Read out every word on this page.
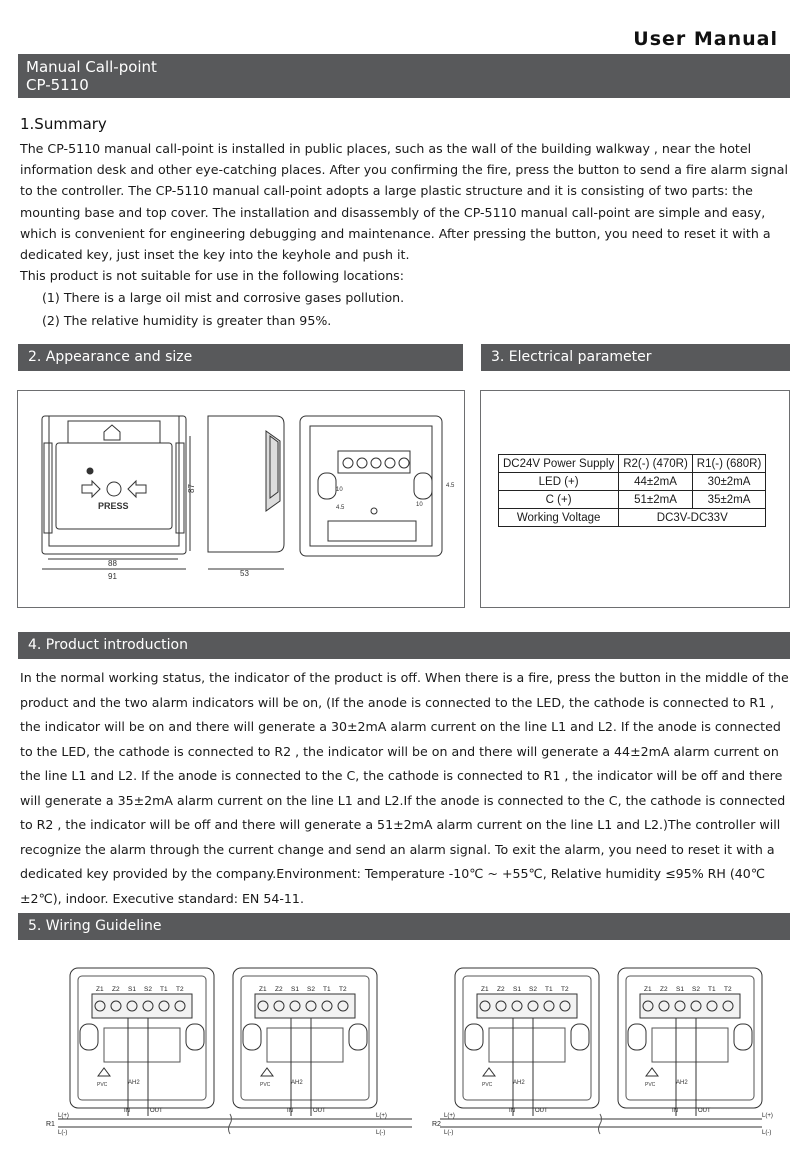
User Manual
Manual Call-point
CP-5110
1.Summary

The CP-5110 manual call-point is installed in public places, such as the wall of the building walkway , near the hotel information desk and other eye-catching places. After you confirming the fire, press the button to send a fire alarm signal to the controller. The CP-5110 manual call-point adopts a large plastic structure and it is consisting of two parts: the mounting base and top cover. The installation and disassembly of the CP-5110 manual call-point are simple and easy, which is convenient for engineering debugging and maintenance. After pressing the button, you need to reset it with a dedicated key, just inset the key into the keyhole and push it.

This product is not suitable for use in the following locations:

(1) There is a large oil mist and corrosive gases pollution.

(2) The relative humidity is greater than 95%.

2. Appearance and size
PRESS
87
88
91	53
10
10
4.5
4.5
3. Electrical parameter
DC24V Power Supply	R2(-) (470R)	R1(-) (680R)
LED (+)	44±2mA	30±2mA
C (+)	51±2mA	35±2mA
Working Voltage	DC3V-DC33V	
4. Product introduction

In the normal working status, the indicator of the product is off. When there is a fire, press the button in the middle of the product and the two alarm indicators will be on, (If the anode is connected to the LED, the cathode is connected to R1 , the indicator will be on and there will generate a 30±2mA alarm current on the line L1 and L2. If the anode is connected to the LED, the cathode is connected to R2 , the indicator will be on and there will generate a 44±2mA alarm current on the line L1 and L2. If the anode is connected to the C, the cathode is connected to R1 , the indicator will be off and there will generate a 35±2mA alarm current on the line L1 and L2.If the anode is connected to the C, the cathode is connected to R2 , the indicator will be off and there will generate a 51±2mA alarm current on the line L1 and L2.)The controller will recognize the alarm through the current change and send an alarm signal. To exit the alarm, you need to reset it with a dedicated key provided by the company.Environment: Temperature -10℃ ~ +55℃, Relative humidity ≤95% RH (40℃±2℃), indoor. Executive standard: EN 54-11.

5. Wiring Guideline
Z1 Z2 S1 S2 T1 T2
PVC	AH2
IN	OUT
Z1 Z2 S1 S2 T1 T2
PVC	AH2
IN	OUT
Z1 Z2 S1 S2 T1 T2
PVC	AH2
IN	OUT
Z1 Z2 S1 S2 T1 T2
PVC	AH2
IN	OUT
R1
L(+)
L(-)
L(+)
L(-)
R2
L(+)
L(-)
L(+)
L(-)
